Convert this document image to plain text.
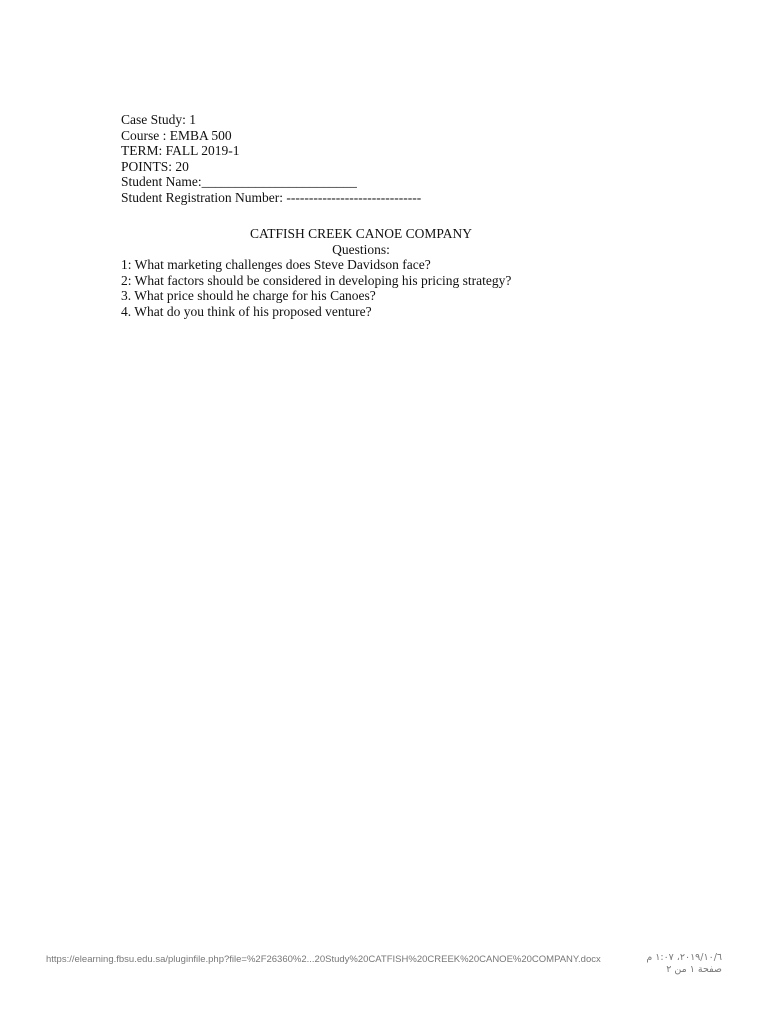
Case Study: 1
Course : EMBA 500
TERM: FALL 2019-1
POINTS: 20
Student Name:_______________________
Student Registration Number: ------------------------------
CATFISH CREEK CANOE COMPANY
Questions:
1: What marketing challenges does Steve Davidson face?
2: What factors should be considered in developing his pricing strategy?
3. What price should he charge for his Canoes?
4. What do you think of his proposed venture?
https://elearning.fbsu.edu.sa/pluginfile.php?file=%2F26360%2...20Study%20CATFISH%20CREEK%20CANOE%20COMPANY.docx	٢٠١٩/١٠/٦، ١:٠٧ م
صفحة ١ من ٢
